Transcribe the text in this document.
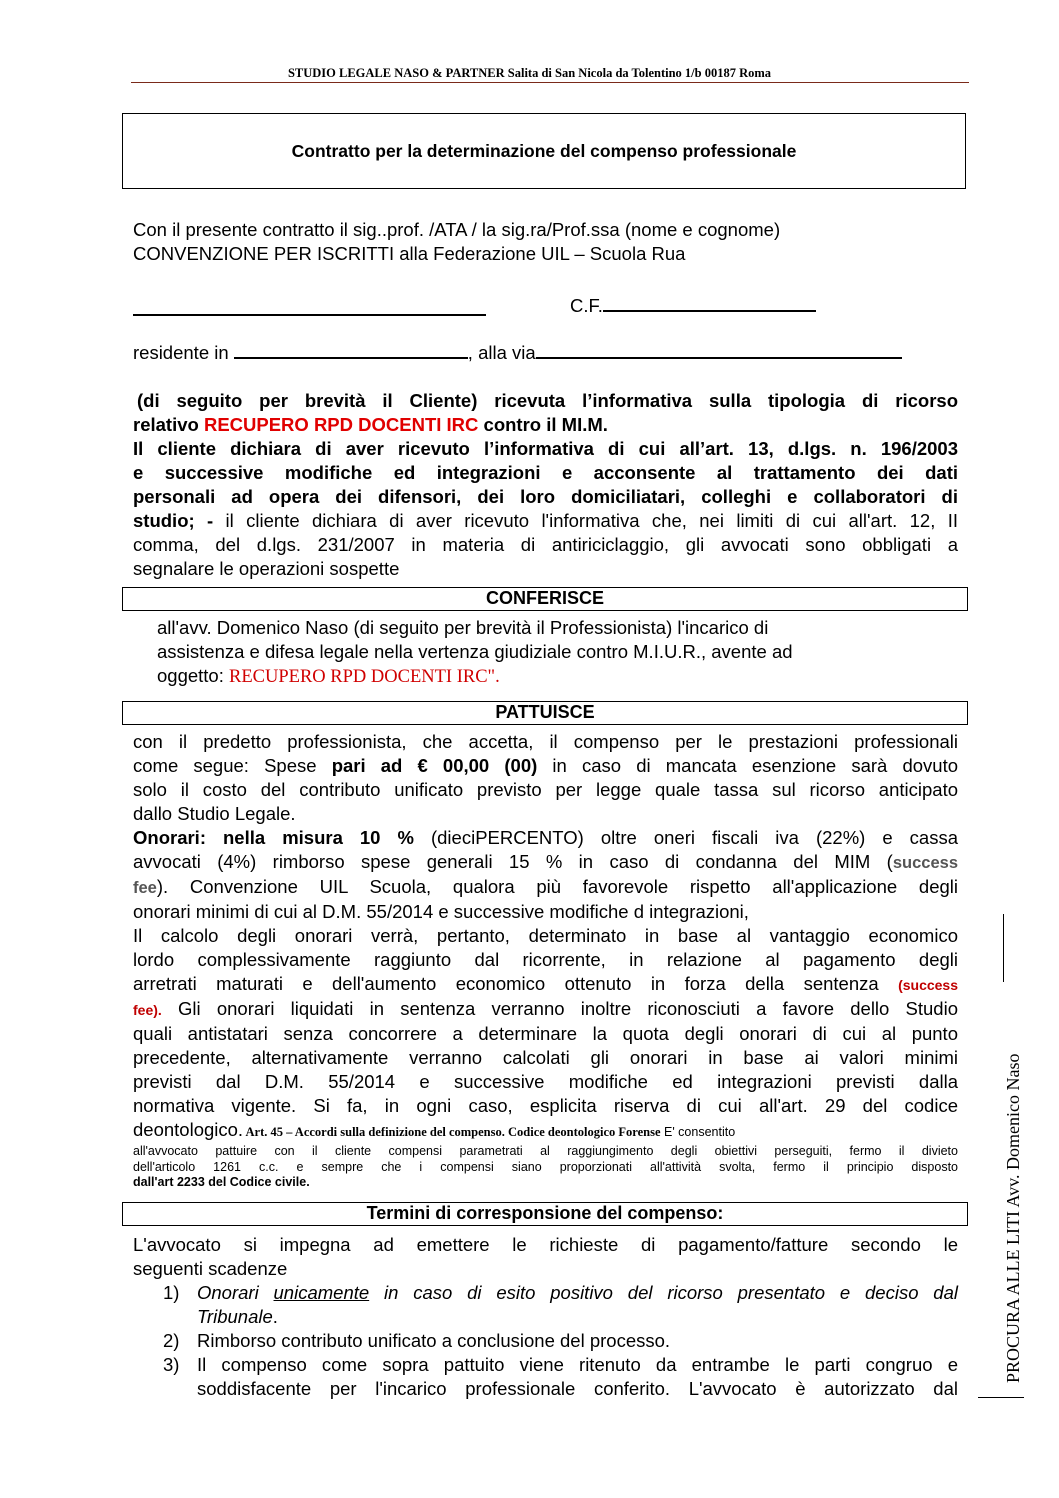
STUDIO LEGALE NASO & PARTNER Salita di San Nicola da Tolentino 1/b 00187 Roma
Contratto per la determinazione del compenso professionale
Con il presente contratto il sig..prof. /ATA / la sig.ra/Prof.ssa (nome e cognome)
CONVENZIONE PER ISCRITTI alla Federazione UIL – Scuola Rua
C.F.
residente in	, alla via
(di seguito per brevità il Cliente) ricevuta l’informativa sulla tipologia di ricorso
relativo RECUPERO RPD DOCENTI IRC contro il MI.M.
Il cliente dichiara di aver ricevuto l’informativa di cui all’art. 13, d.lgs. n. 196/2003
e successive modifiche ed integrazioni e acconsente al trattamento dei dati
personali ad opera dei difensori, dei loro domiciliatari, colleghi e collaboratori di
studio; - il cliente dichiara di aver ricevuto l'informativa che, nei limiti di cui all'art. 12, II
comma, del d.lgs. 231/2007 in materia di antiriciclaggio, gli avvocati sono obbligati a
segnalare le operazioni sospette
CONFERISCE
all'avv. Domenico Naso (di seguito per brevità il Professionista) l'incarico di
assistenza e difesa legale nella vertenza giudiziale contro M.I.U.R., avente ad
oggetto: RECUPERO RPD DOCENTI IRC".
PATTUISCE
con il predetto professionista, che accetta, il compenso per le prestazioni professionali
come segue: Spese pari ad € 00,00 (00) in caso di mancata esenzione sarà dovuto
solo il costo del contributo unificato previsto per legge quale tassa sul ricorso anticipato
dallo Studio Legale.
Onorari: nella misura 10 % (dieciPERCENTO) oltre oneri fiscali iva (22%) e cassa
avvocati (4%) rimborso spese generali 15 % in caso di condanna del MIM (success
fee). Convenzione UIL Scuola, qualora più favorevole rispetto all'applicazione degli
onorari minimi di cui al D.M. 55/2014 e successive modifiche d integrazioni,
Il calcolo degli onorari verrà, pertanto, determinato in base al vantaggio economico
lordo complessivamente raggiunto dal ricorrente, in relazione al pagamento degli
arretrati maturati e dell'aumento economico ottenuto in forza della sentenza (success
fee). Gli onorari liquidati in sentenza verranno inoltre riconosciuti a favore dello Studio
quali antistatari senza concorrere a determinare la quota degli onorari di cui al punto
precedente, alternativamente verranno calcolati gli onorari in base ai valori minimi
previsti dal D.M. 55/2014 e successive modifiche ed integrazioni previsti dalla
normativa vigente. Si fa, in ogni caso, esplicita riserva di cui all'art. 29 del codice
deontologico. Art. 45 – Accordi sulla definizione del compenso. Codice deontologico Forense E' consentito
all'avvocato pattuire con il cliente compensi parametrati al raggiungimento degli obiettivi perseguiti, fermo il divieto
dell'articolo 1261 c.c. e sempre che i compensi siano proporzionati all'attività svolta, fermo il principio disposto
dall'art 2233 del Codice civile.
Termini di corresponsione del compenso:
L'avvocato si impegna ad emettere le richieste di pagamento/fatture secondo le
seguenti scadenze
1) Onorari unicamente in caso di esito positivo del ricorso presentato e deciso dal
Tribunale.
2) Rimborso contributo unificato a conclusione del processo.
3) Il compenso come sopra pattuito viene ritenuto da entrambe le parti congruo e
soddisfacente per l'incarico professionale conferito. L'avvocato è autorizzato dal
PROCURA ALLE LITI Avv. Domenico Naso
